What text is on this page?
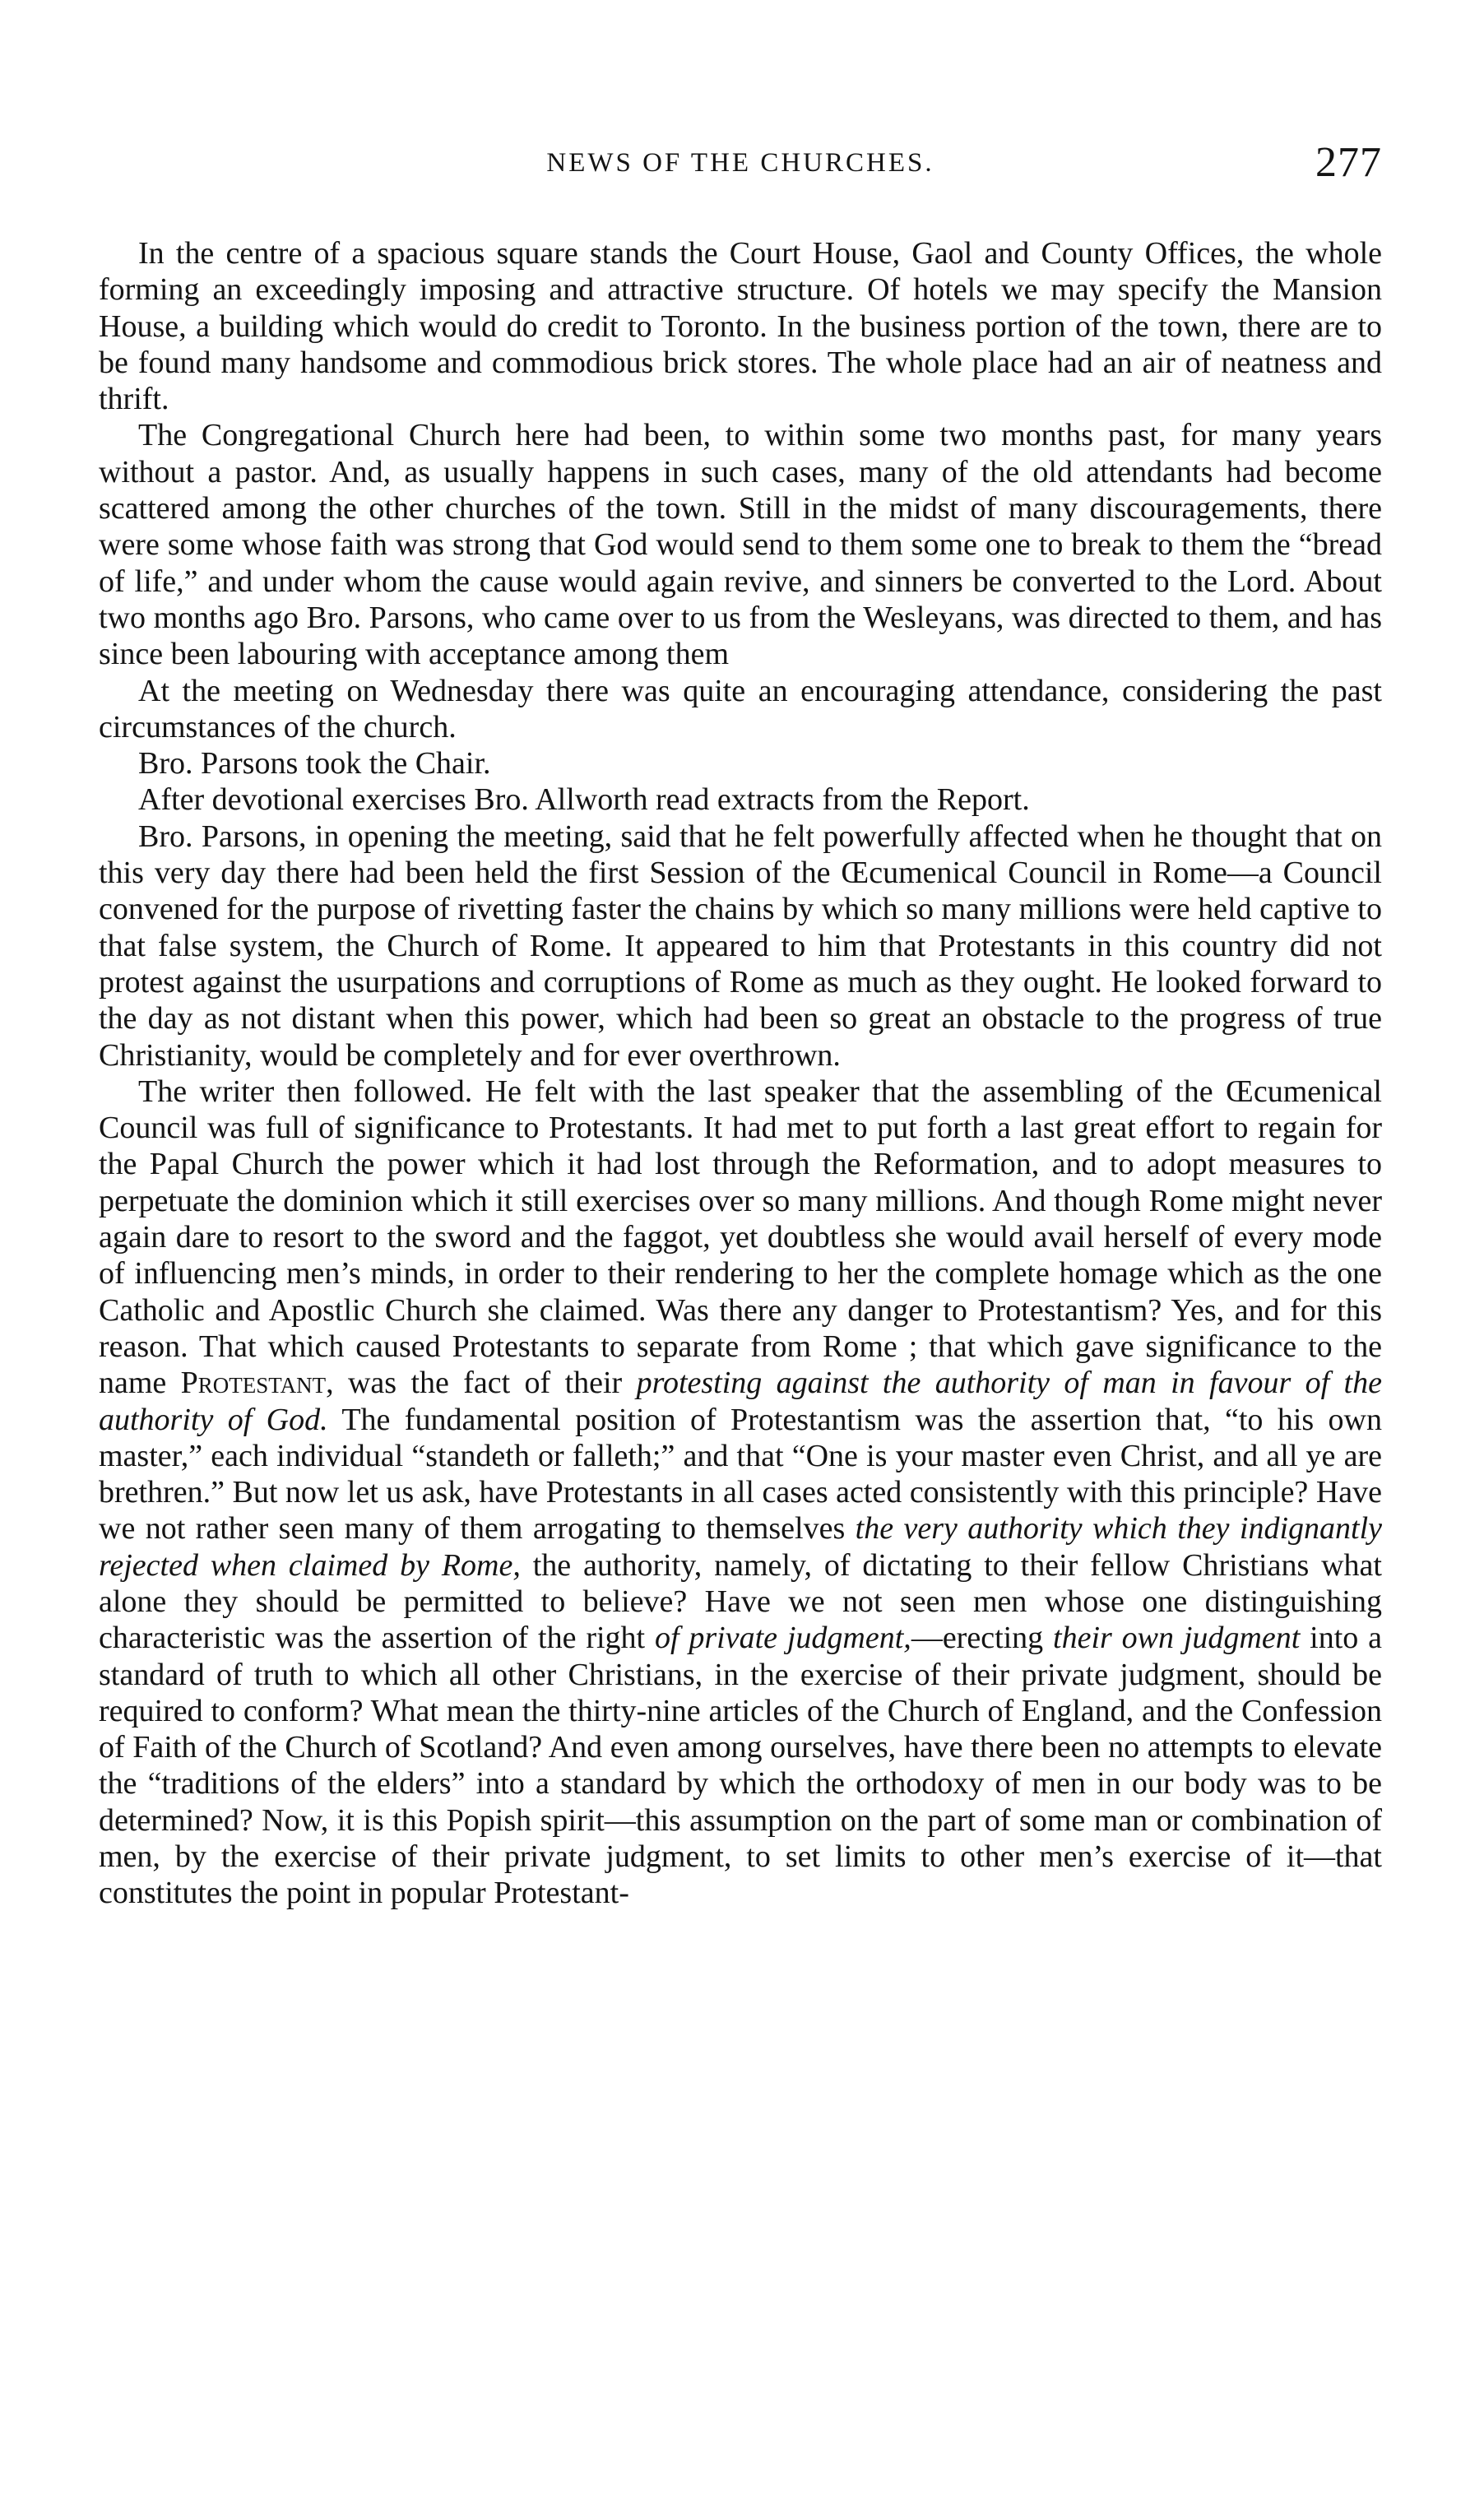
NEWS OF THE CHURCHES.	277

In the centre of a spacious square stands the Court House, Gaol and County Offices, the whole forming an exceedingly imposing and attractive structure. Of hotels we may specify the Mansion House, a building which would do credit to Toronto. In the business portion of the town, there are to be found many handsome and commodious brick stores. The whole place had an air of neatness and thrift.

The Congregational Church here had been, to within some two months past, for many years without a pastor. And, as usually happens in such cases, many of the old attendants had become scattered among the other churches of the town. Still in the midst of many discouragements, there were some whose faith was strong that God would send to them some one to break to them the “bread of life,” and under whom the cause would again revive, and sinners be converted to the Lord. About two months ago Bro. Parsons, who came over to us from the Wesleyans, was directed to them, and has since been labouring with acceptance among them

At the meeting on Wednesday there was quite an encouraging attendance, considering the past circumstances of the church.

Bro. Parsons took the Chair.

After devotional exercises Bro. Allworth read extracts from the Report.

Bro. Parsons, in opening the meeting, said that he felt powerfully affected when he thought that on this very day there had been held the first Session of the Œcumenical Council in Rome—a Council convened for the purpose of rivetting faster the chains by which so many millions were held captive to that false system, the Church of Rome. It appeared to him that Protestants in this country did not protest against the usurpations and corruptions of Rome as much as they ought. He looked forward to the day as not distant when this power, which had been so great an obstacle to the progress of true Christianity, would be completely and for ever overthrown.

The writer then followed. He felt with the last speaker that the assembling of the Œcumenical Council was full of significance to Protestants. It had met to put forth a last great effort to regain for the Papal Church the power which it had lost through the Reformation, and to adopt measures to perpetuate the dominion which it still exercises over so many millions. And though Rome might never again dare to resort to the sword and the faggot, yet doubtless she would avail herself of every mode of influencing men’s minds, in order to their rendering to her the complete homage which as the one Catholic and Apostlic Church she claimed. Was there any danger to Protestantism? Yes, and for this reason. That which caused Protestants to separate from Rome ; that which gave significance to the name Protestant, was the fact of their protesting against the authority of man in favour of the authority of God. The fundamental position of Protestantism was the assertion that, “to his own master,” each individual “standeth or falleth;” and that “One is your master even Christ, and all ye are brethren.” But now let us ask, have Protestants in all cases acted consistently with this principle? Have we not rather seen many of them arrogating to themselves the very authority which they indignantly rejected when claimed by Rome, the authority, namely, of dictating to their fellow Christians what alone they should be permitted to believe? Have we not seen men whose one distinguishing characteristic was the assertion of the right of private judgment,—erecting their own judgment into a standard of truth to which all other Christians, in the exercise of their private judgment, should be required to conform? What mean the thirty-nine articles of the Church of England, and the Confession of Faith of the Church of Scotland? And even among ourselves, have there been no attempts to elevate the “traditions of the elders” into a standard by which the orthodoxy of men in our body was to be determined? Now, it is this Popish spirit—this assumption on the part of some man or combination of men, by the exercise of their private judgment, to set limits to other men’s exercise of it—that constitutes the point in popular Protestant-
